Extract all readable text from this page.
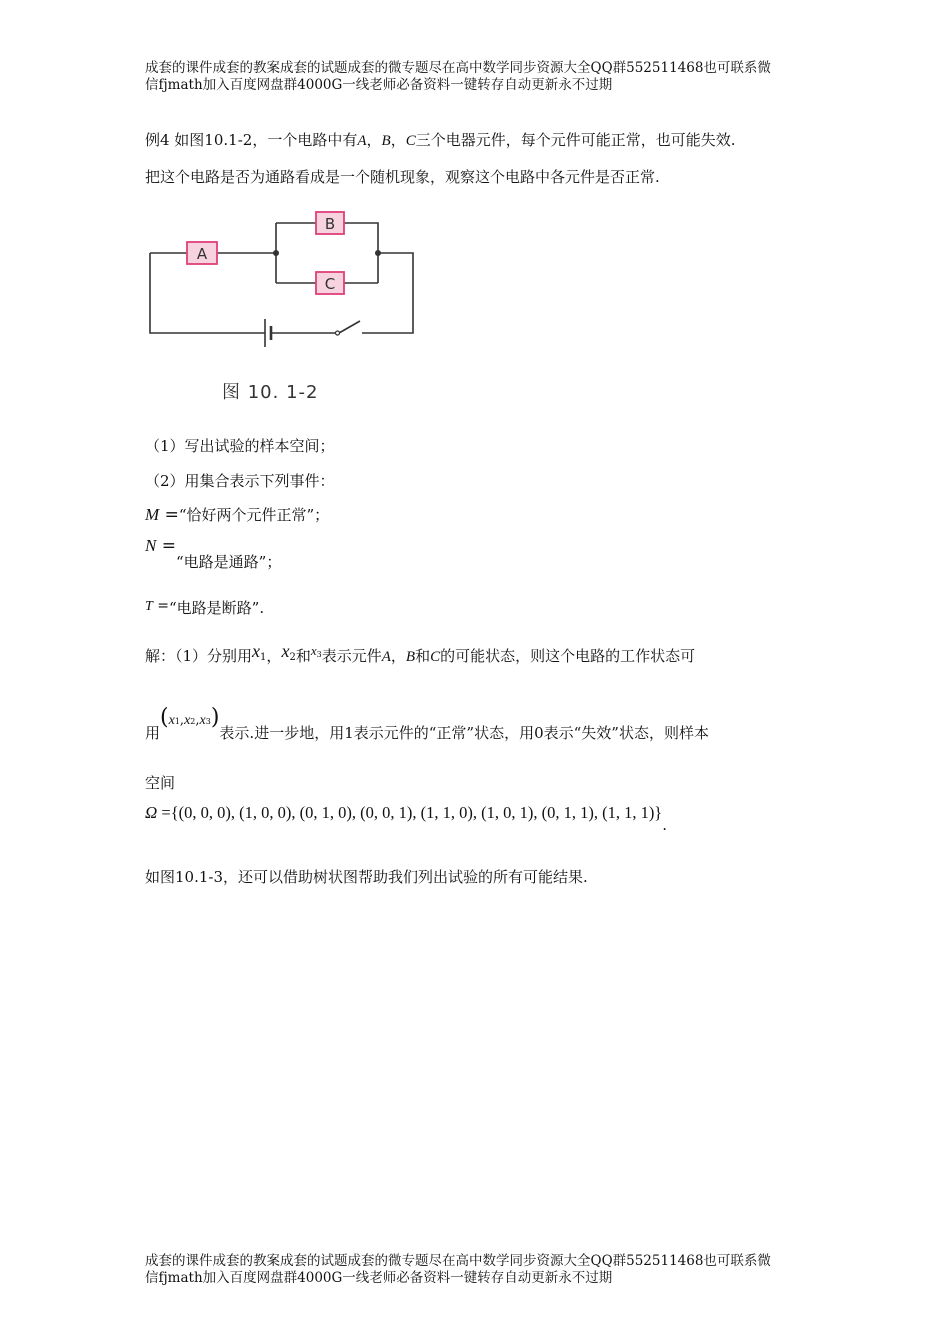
成套的课件成套的教案成套的试题成套的微专题尽在高中数学同步资源大全QQ群552511468也可联系微
信fjmath加入百度网盘群4000G一线老师必备资料一键转存自动更新永不过期
例4 如图10.1-2，一个电路中有A，B，C三个电器元件，每个元件可能正常，也可能失效.
把这个电路是否为通路看成是一个随机现象，观察这个电路中各元件是否正常.
A
B
C
图 10. 1-2
（1）写出试验的样本空间；
（2）用集合表示下列事件：
M =“恰好两个元件正常”；
N =“电路是通路”；
T =“电路是断路”.
解：（1）分别用x1，x2和$x^3$表示元件A，B和C的可能状态，则这个电路的工作状态可
用(x1,x2,x3)表示.进一步地，用1表示元件的“正常”状态，用0表示“失效”状态，则样本
空间
Ω ={(0, 0, 0), (1, 0, 0), (0, 1, 0), (0, 0, 1), (1, 1, 0), (1, 0, 1), (0, 1, 1), (1, 1, 1)}.
如图10.1-3，还可以借助树状图帮助我们列出试验的所有可能结果.
成套的课件成套的教案成套的试题成套的微专题尽在高中数学同步资源大全QQ群552511468也可联系微
信fjmath加入百度网盘群4000G一线老师必备资料一键转存自动更新永不过期
